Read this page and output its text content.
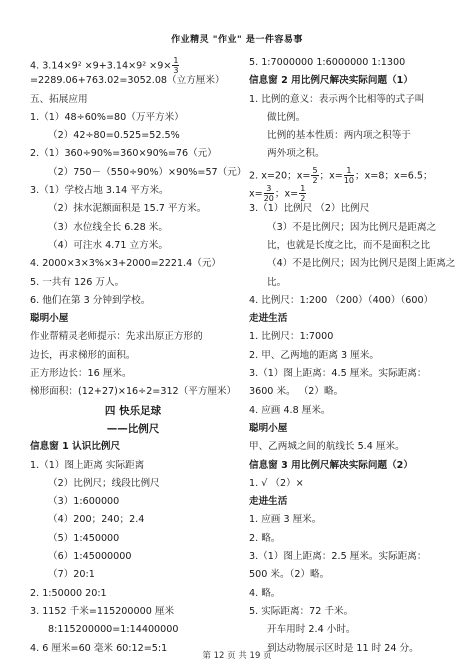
作业精灵 "作业" 是一件容易事
4. $3.14\times 9^2 \times 9+3.14\times 9^2 \times 9\times \frac{1}{3}$
=2289.06+763.02=3052.08（立方厘米）
五、拓展应用
1.（1）48÷60%=80（万平方米）
（2）42÷80=0.525=52.5%
2.（1）360÷90%=360×90%=76（元）
（2）750－（550÷90%）×90%=57（元）
3.（1）学校占地 3.14 平方米。
（2）抹水泥额面积是 15.7 平方米。
（3）水位线全长 6.28 米。
（4）可注水 4.71 立方米。
4. 2000×3×3%×3+2000=2221.4（元）
5. 一共有 126 万人。
6. 他们在第 3 分钟到学校。
聪明小屋
作业帮精灵老师提示：先求出原正方形的
边长，再求梯形的面积。
正方形边长：16 厘米。
梯形面积：(12+27)×16÷2=312（平方厘米）
四 快乐足球
——比例尺
信息窗 1 认识比例尺
1.（1）图上距离 实际距离
（2）比例尺；线段比例尺
（3）1:600000
（4）200；240；2.4
（5）1:450000
（6）1:45000000
（7）20:1
2. 1:50000 20:1
3. 1152 千米=115200000 厘米
8:115200000=1:14400000
4. 6 厘米=60 毫米 60:12=5:1
5. 1:7000000 1:6000000 1:1300
信息窗 2 用比例尺解决实际问题（1）
1. 比例的意义：表示两个比相等的式子叫
做比例。
比例的基本性质：两内项之积等于
两外项之积。
2. x=20；$x= \frac{5}{2}$ ；$x= \frac{1}{10}$ ；x=8；x=6.5；
$x= \frac{3}{20}$ ；$x= \frac{1}{2}$
3.（1）比例尺 （2）比例尺
（3）不是比例尺；因为比例尺是距离之
比，也就是长度之比，而不是面积之比
（4）不是比例尺；因为比例尺是图上距离之
比。
4. 比例尺：1:200 （200）（400）（600）
走进生活
1. 比例尺：1:7000
2. 甲、乙两地的距离 3 厘米。
3.（1）图上距离：4.5 厘米。实际距离：
3600 米。 （2）略。
4. 应画 4.8 厘米。
聪明小屋
甲、乙两城之间的航线长 5.4 厘米。
信息窗 3 用比例尺解决实际问题（2）
1. √ （2）×
走进生活
1. 应画 3 厘米。
2. 略。
3.（1）图上距离：2.5 厘米。实际距离：
500 米。（2）略。
4. 略。
5. 实际距离：72 千米。
开车用时 2.4 小时。
到达动物展示区时是 11 时 24 分。
第 12 页 共 19 页
